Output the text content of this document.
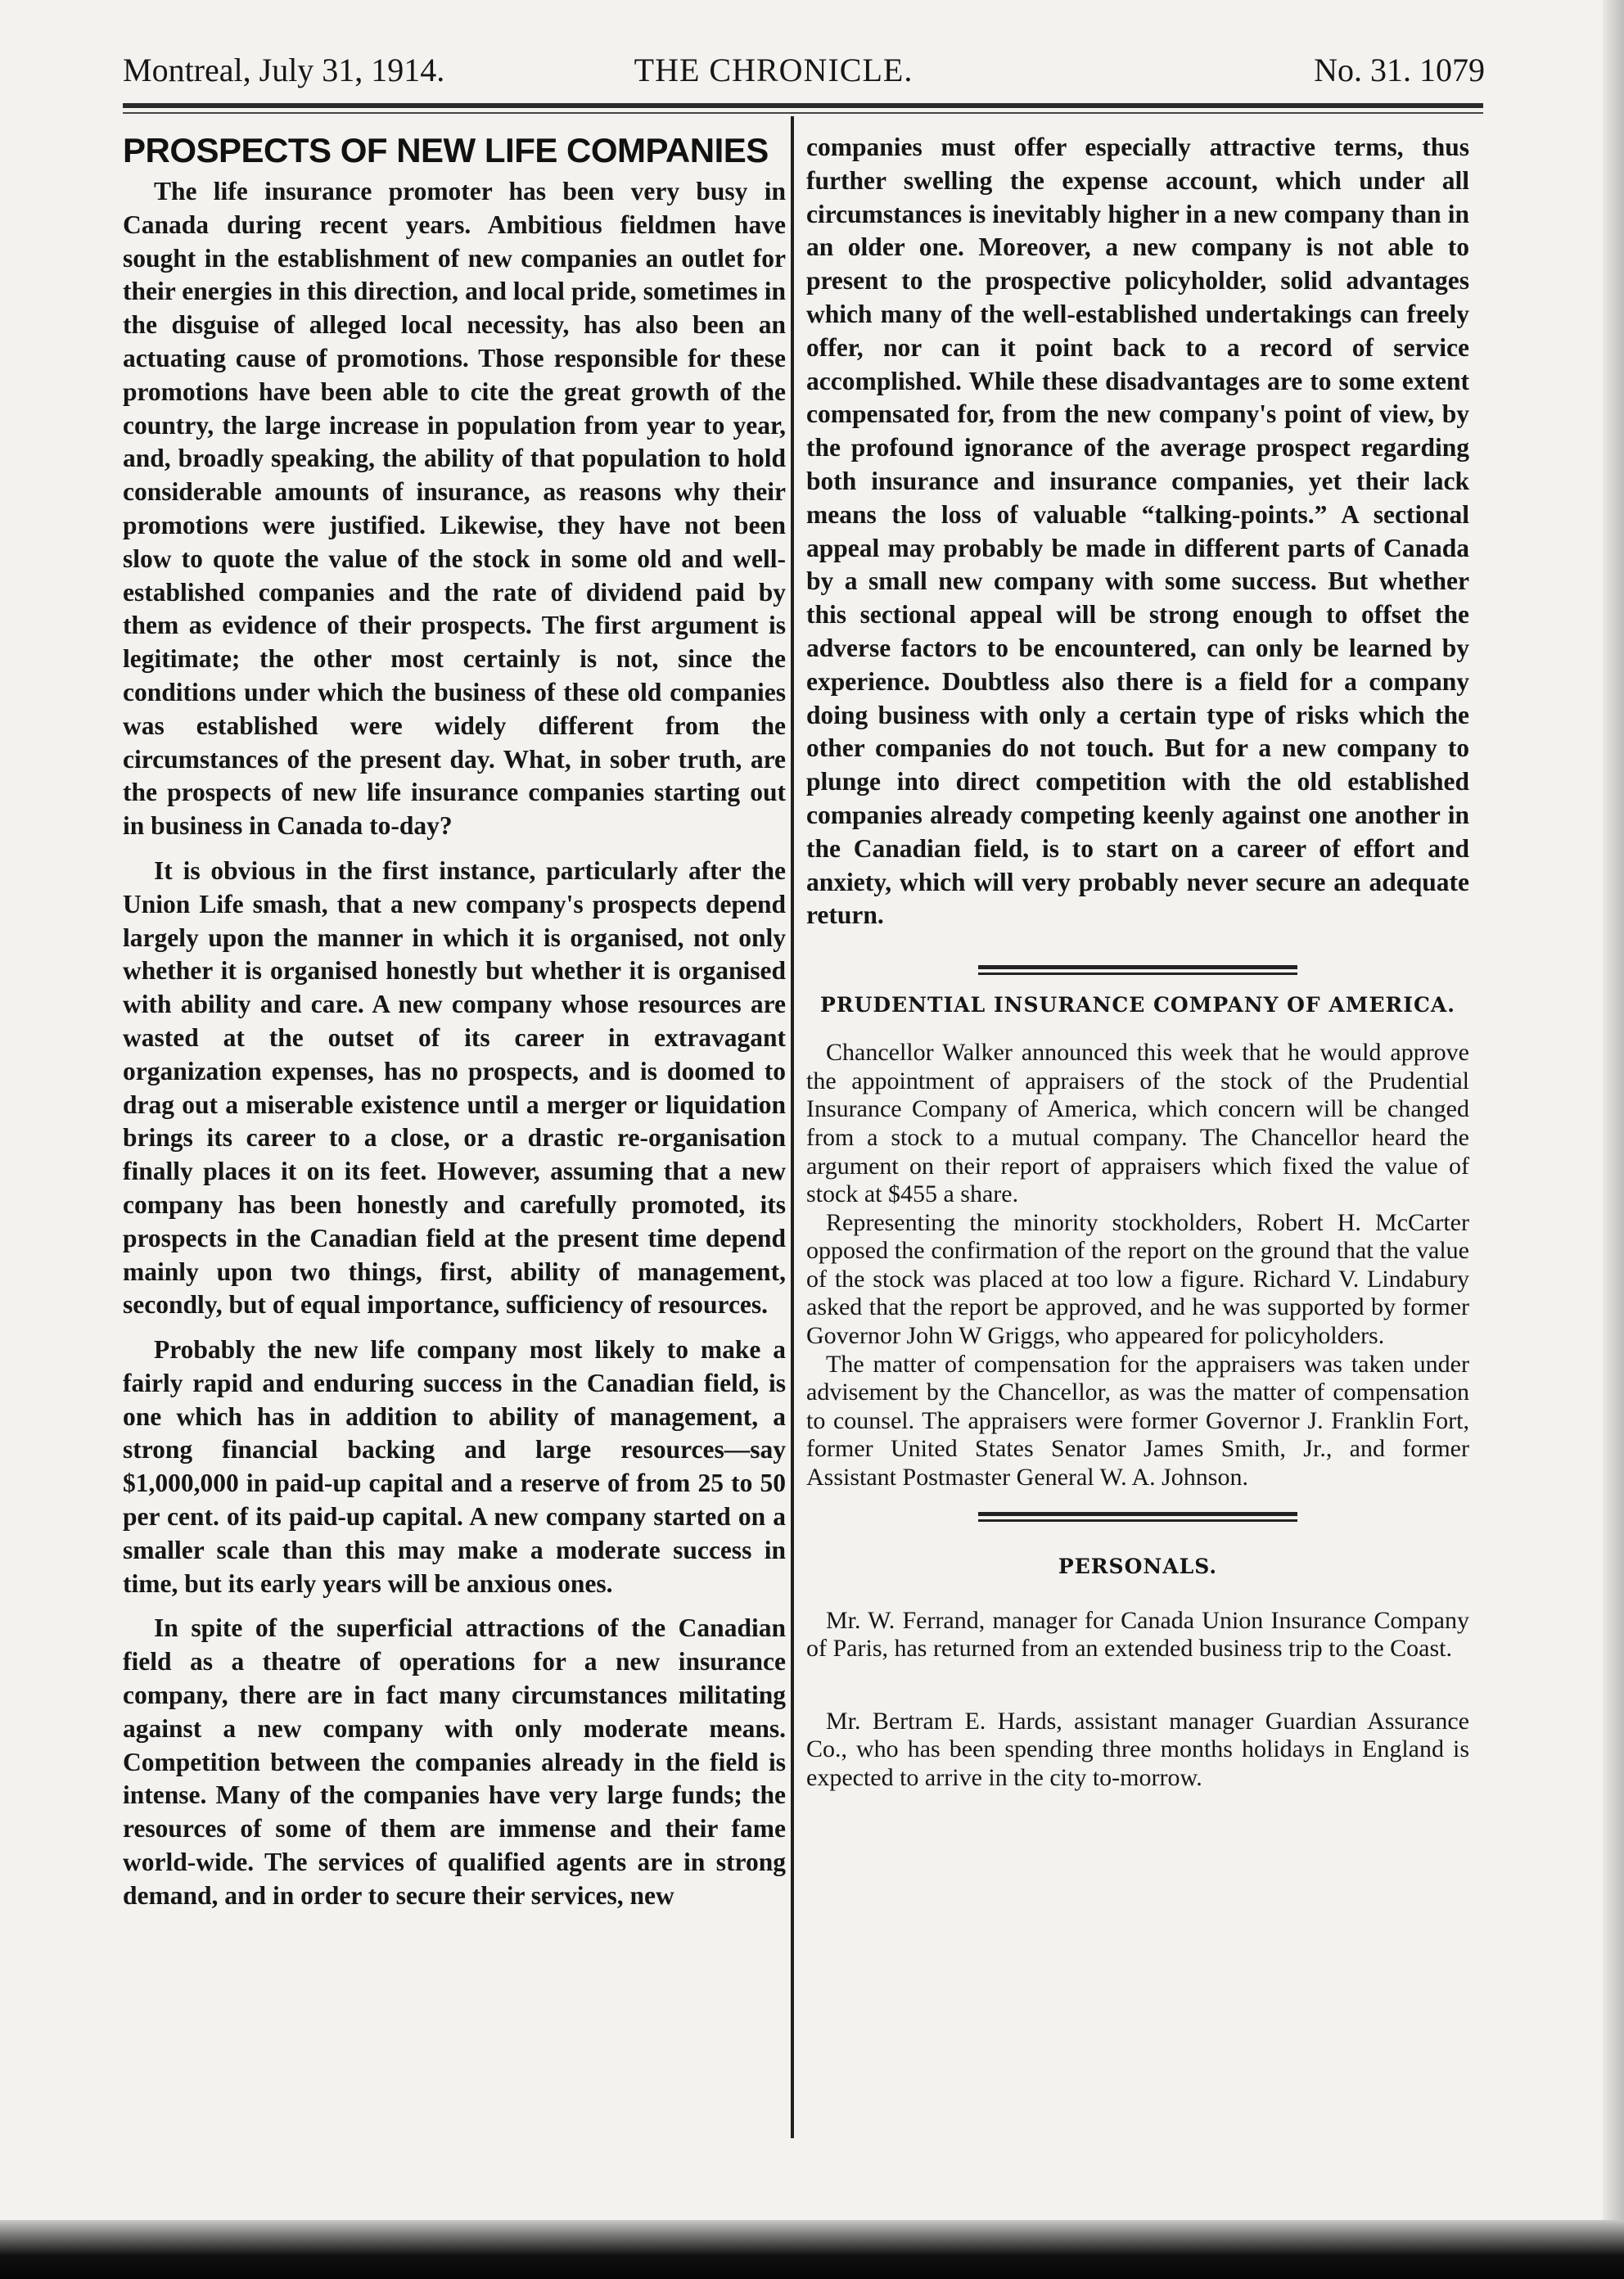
Montreal, July 31, 1914.	THE CHRONICLE.	No. 31. 1079
PROSPECTS OF NEW LIFE COMPANIES

The life insurance promoter has been very busy in Canada during recent years. Ambitious fieldmen have sought in the establishment of new companies an outlet for their energies in this direction, and local pride, sometimes in the disguise of alleged local necessity, has also been an actuating cause of promotions. Those responsible for these promotions have been able to cite the great growth of the country, the large increase in population from year to year, and, broadly speaking, the ability of that population to hold considerable amounts of insurance, as reasons why their promotions were justified. Likewise, they have not been slow to quote the value of the stock in some old and well-established companies and the rate of dividend paid by them as evidence of their prospects. The first argument is legitimate; the other most certainly is not, since the conditions under which the business of these old companies was established were widely different from the circumstances of the present day. What, in sober truth, are the prospects of new life insurance companies starting out in business in Canada to-day?

It is obvious in the first instance, particularly after the Union Life smash, that a new company's prospects depend largely upon the manner in which it is organised, not only whether it is organised honestly but whether it is organised with ability and care. A new company whose resources are wasted at the outset of its career in extravagant organization expenses, has no prospects, and is doomed to drag out a miserable existence until a merger or liquidation brings its career to a close, or a drastic re-organisation finally places it on its feet. However, assuming that a new company has been honestly and carefully promoted, its prospects in the Canadian field at the present time depend mainly upon two things, first, ability of management, secondly, but of equal importance, sufficiency of resources.

Probably the new life company most likely to make a fairly rapid and enduring success in the Canadian field, is one which has in addition to ability of management, a strong financial backing and large resources—say $1,000,000 in paid-up capital and a reserve of from 25 to 50 per cent. of its paid-up capital. A new company started on a smaller scale than this may make a moderate success in time, but its early years will be anxious ones.

In spite of the superficial attractions of the Canadian field as a theatre of operations for a new insurance company, there are in fact many circumstances militating against a new company with only moderate means. Competition between the companies already in the field is intense. Many of the companies have very large funds; the resources of some of them are immense and their fame world-wide. The services of qualified agents are in strong demand, and in order to secure their services, new

companies must offer especially attractive terms, thus further swelling the expense account, which under all circumstances is inevitably higher in a new company than in an older one. Moreover, a new company is not able to present to the prospective policyholder, solid advantages which many of the well-established undertakings can freely offer, nor can it point back to a record of service accomplished. While these disadvantages are to some extent compensated for, from the new company's point of view, by the profound ignorance of the average prospect regarding both insurance and insurance companies, yet their lack means the loss of valuable “talking-points.” A sectional appeal may probably be made in different parts of Canada by a small new company with some success. But whether this sectional appeal will be strong enough to offset the adverse factors to be encountered, can only be learned by experience. Doubtless also there is a field for a company doing business with only a certain type of risks which the other companies do not touch. But for a new company to plunge into direct competition with the old established companies already competing keenly against one another in the Canadian field, is to start on a career of effort and anxiety, which will very probably never secure an adequate return.

PRUDENTIAL INSURANCE COMPANY OF AMERICA.

Chancellor Walker announced this week that he would approve the appointment of appraisers of the stock of the Prudential Insurance Company of America, which concern will be changed from a stock to a mutual company. The Chancellor heard the argument on their report of appraisers which fixed the value of stock at $455 a share.

Representing the minority stockholders, Robert H. McCarter opposed the confirmation of the report on the ground that the value of the stock was placed at too low a figure. Richard V. Lindabury asked that the report be approved, and he was supported by former Governor John W Griggs, who appeared for policyholders.

The matter of compensation for the appraisers was taken under advisement by the Chancellor, as was the matter of compensation to counsel. The appraisers were former Governor J. Franklin Fort, former United States Senator James Smith, Jr., and former Assistant Postmaster General W. A. Johnson.

PERSONALS.

Mr. W. Ferrand, manager for Canada Union Insurance Company of Paris, has returned from an extended business trip to the Coast.

Mr. Bertram E. Hards, assistant manager Guardian Assurance Co., who has been spending three months holidays in England is expected to arrive in the city to-morrow.
